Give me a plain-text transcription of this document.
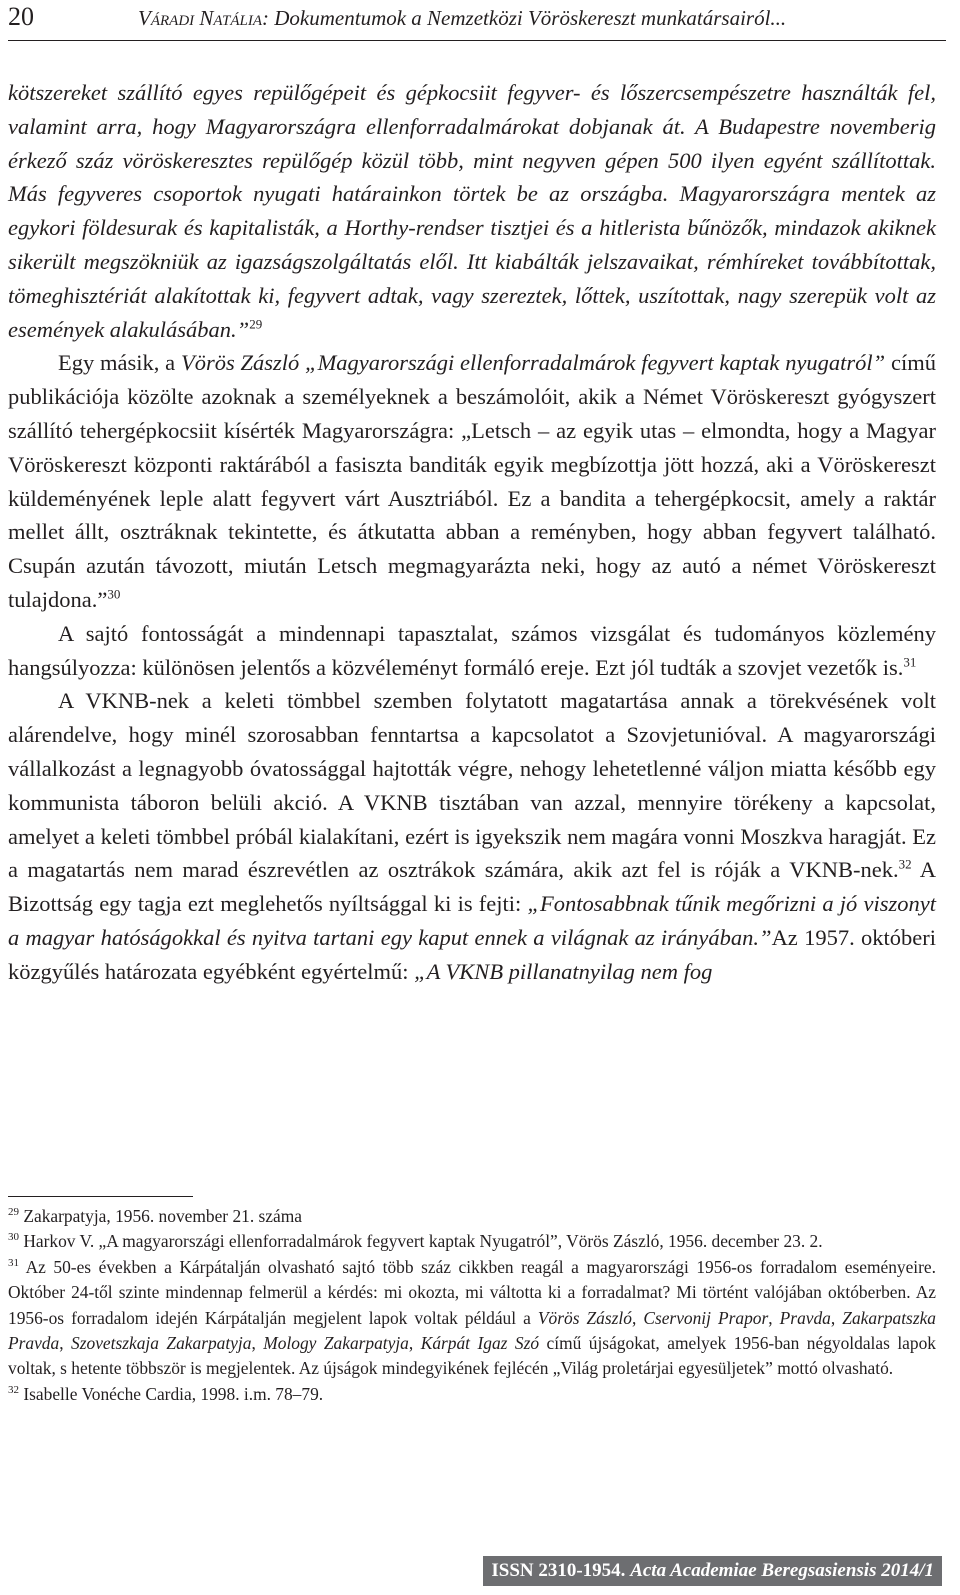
20	Váradi Natália: Dokumentumok a Nemzetközi Vöröskereszt munkatársairól...

kötszereket szállító egyes repülőgépeit és gépkocsiit fegyver- és lőszercsempészetre használták fel, valamint arra, hogy Magyarországra ellenforradalmárokat dobjanak át. A Budapestre novemberig érkező száz vöröskeresztes repülőgép közül több, mint negyven gépen 500 ilyen egyént szállítottak. Más fegyveres csoportok nyugati határainkon törtek be az országba. Magyarországra mentek az egykori földesurak és kapitalisták, a Horthy-rendser tisztjei és a hitlerista bűnözők, mindazok akiknek sikerült megszökniük az igazságszolgáltatás elől. Itt kiabálták jelszavaikat, rémhíreket továbbítottak, tömeghisztériát alakítottak ki, fegyvert adtak, vagy szereztek, lőttek, uszítottak, nagy szerepük volt az események alakulásában.”$^{29}$

Egy másik, a Vörös Zászló „Magyarországi ellenforradalmárok fegyvert kaptak nyugatról” című publikációja közölte azoknak a személyeknek a beszámolóit, akik a Német Vöröskereszt gyógyszert szállító tehergépkocsiit kísérték Magyarországra: „Letsch – az egyik utas – elmondta, hogy a Magyar Vöröskereszt központi raktárából a fasiszta banditák egyik megbízottja jött hozzá, aki a Vöröskereszt küldeményének leple alatt fegyvert várt Ausztriából. Ez a bandita a tehergépkocsit, amely a raktár mellet állt, osztráknak tekintette, és átkutatta abban a reményben, hogy abban fegyvert található. Csupán azután távozott, miután Letsch megmagyarázta neki, hogy az autó a német Vöröskereszt tulajdona.”$^{30}$

A sajtó fontosságát a mindennapi tapasztalat, számos vizsgálat és tudományos közlemény hangsúlyozza: különösen jelentős a közvéleményt formáló ereje. Ezt jól tudták a szovjet vezetők is.$^{31}$

A VKNB-nek a keleti tömbbel szemben folytatott magatartása annak a törekvésének volt alárendelve, hogy minél szorosabban fenntartsa a kapcsolatot a Szovjetunióval. A magyarországi vállalkozást a legnagyobb óvatossággal hajtották végre, nehogy lehetetlenné váljon miatta később egy kommunista táboron belüli akció. A VKNB tisztában van azzal, mennyire törékeny a kapcsolat, amelyet a keleti tömbbel próbál kialakítani, ezért is igyekszik nem magára vonni Moszkva haragját. Ez a magatartás nem marad észrevétlen az osztrákok számára, akik azt fel is róják a VKNB-nek.$^{32}$ A Bizottság egy tagja ezt meglehetős nyíltsággal ki is fejti: „Fontosabbnak tűnik megőrizni a jó viszonyt a magyar hatóságokkal és nyitva tartani egy kaput ennek a világnak az irányában.”Az 1957. októberi közgyűlés határozata egyébként egyértelmű: „A VKNB pillanatnyilag nem fog

$^{29}$ Zakarpatyja, 1956. november 21. száma

$^{30}$ Harkov V. „A magyarországi ellenforradalmárok fegyvert kaptak Nyugatról”, Vörös Zászló, 1956. december 23. 2.

$^{31}$ Az 50-es években a Kárpátalján olvasható sajtó több száz cikkben reagál a magyarországi 1956-os forradalom eseményeire. Október 24-től szinte mindennap felmerül a kérdés: mi okozta, mi váltotta ki a forradalmat? Mi történt valójában októberben. Az 1956-os forradalom idején Kárpátalján megjelent lapok voltak például a Vörös Zászló, Cservonij Prapor, Pravda, Zakarpatszka Pravda, Szovetszkaja Zakarpatyja, Mology Zakarpatyja, Kárpát Igaz Szó című újságokat, amelyek 1956-ban négyoldalas lapok voltak, s hetente többször is megjelentek. Az újságok mindegyikének fejlécén „Világ proletárjai egyesüljetek” mottó olvasható.

$^{32}$ Isabelle Vonéche Cardia, 1998. i.m. 78–79.

ISSN 2310-1954. Acta Academiae Beregsasiensis 2014/1
